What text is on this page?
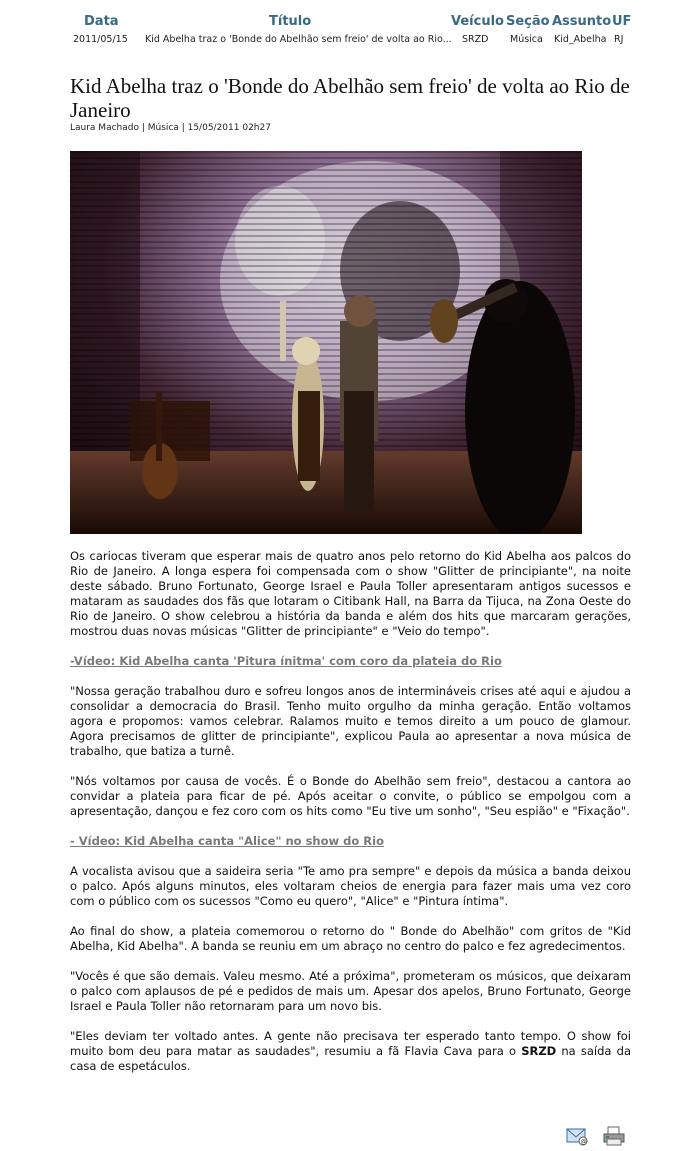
Data	Título	Veículo Seção Assunto UF
2011/05/15 Kid Abelha traz o 'Bonde do Abelhão sem freio' de volta ao Rio... SRZD Música Kid_Abelha RJ
Kid Abelha traz o 'Bonde do Abelhão sem freio' de volta ao Rio de Janeiro
Laura Machado | Música | 15/05/2011 02h27

Os cariocas tiveram que esperar mais de quatro anos pelo retorno do Kid Abelha aos palcos do Rio de Janeiro. A longa espera foi compensada com o show "Glitter de principiante", na noite deste sábado. Bruno Fortunato, George Israel e Paula Toller apresentaram antigos sucessos e mataram as saudades dos fãs que lotaram o Citibank Hall, na Barra da Tijuca, na Zona Oeste do Rio de Janeiro. O show celebrou a história da banda e além dos hits que marcaram gerações, mostrou duas novas músicas "Glitter de principiante" e "Veio do tempo".

-Vídeo: Kid Abelha canta 'Pitura ínitma' com coro da plateia do Rio

"Nossa geração trabalhou duro e sofreu longos anos de intermináveis crises até aqui e ajudou a consolidar a democracia do Brasil. Tenho muito orgulho da minha geração. Então voltamos agora e propomos: vamos celebrar. Ralamos muito e temos direito a um pouco de glamour. Agora precisamos de glitter de principiante", explicou Paula ao apresentar a nova música de trabalho, que batiza a turnê.

"Nós voltamos por causa de vocês. É o Bonde do Abelhão sem freio", destacou a cantora ao convidar a plateia para ficar de pé. Após aceitar o convite, o público se empolgou com a apresentação, dançou e fez coro com os hits como "Eu tive um sonho", "Seu espião" e "Fixação".

- Vídeo: Kid Abelha canta "Alice" no show do Rio

A vocalista avisou que a saideira seria "Te amo pra sempre" e depois da música a banda deixou o palco. Após alguns minutos, eles voltaram cheios de energia para fazer mais uma vez coro com o público com os sucessos "Como eu quero", "Alice" e "Pintura íntima".

Ao final do show, a plateia comemorou o retorno do " Bonde do Abelhão" com gritos de "Kid Abelha, Kid Abelha". A banda se reuniu em um abraço no centro do palco e fez agredecimentos.

"Vocês é que são demais. Valeu mesmo. Até a próxima", prometeram os músicos, que deixaram o palco com aplausos de pé e pedidos de mais um. Apesar dos apelos, Bruno Fortunato, George Israel e Paula Toller não retornaram para um novo bis.

"Eles deviam ter voltado antes. A gente não precisava ter esperado tanto tempo. O show foi muito bom deu para matar as saudades", resumiu a fã Flavia Cava para o SRZD na saída da casa de espetáculos.

@
